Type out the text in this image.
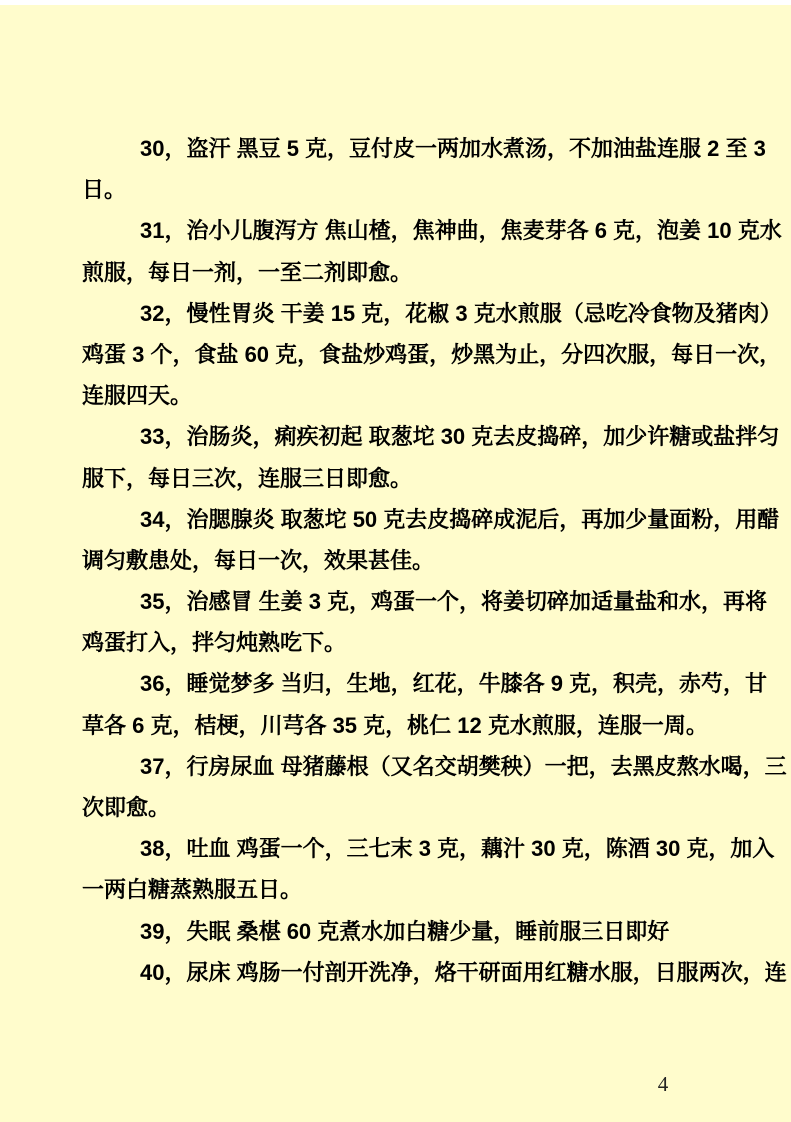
30，盗汗 黑豆 5 克，豆付皮一两加水煮汤，不加油盐连服 2 至 3
日。

31，治小儿腹泻方 焦山楂，焦神曲，焦麦芽各 6 克，泡姜 10 克水
煎服，每日一剂，一至二剂即愈。

32，慢性胃炎 干姜 15 克，花椒 3 克水煎服（忌吃冷食物及猪肉）
鸡蛋 3 个，食盐 60 克，食盐炒鸡蛋，炒黑为止，分四次服，每日一次，
连服四天。

33，治肠炎，痢疾初起 取葱坨 30 克去皮捣碎，加少许糖或盐拌匀
服下，每日三次，连服三日即愈。

34，治腮腺炎 取葱坨 50 克去皮捣碎成泥后，再加少量面粉，用醋
调匀敷患处，每日一次，效果甚佳。

35，治感冒 生姜 3 克，鸡蛋一个，将姜切碎加适量盐和水，再将
鸡蛋打入，拌匀炖熟吃下。

36，睡觉梦多 当归，生地，红花，牛膝各 9 克，积壳，赤芍，甘
草各 6 克，桔梗，川芎各 35 克，桃仁 12 克水煎服，连服一周。

37，行房尿血 母猪藤根（又名交胡樊秧）一把，去黑皮熬水喝，三
次即愈。

38，吐血 鸡蛋一个，三七末 3 克，藕汁 30 克，陈酒 30 克，加入
一两白糖蒸熟服五日。

39，失眠 桑椹 60 克煮水加白糖少量，睡前服三日即好

40，尿床 鸡肠一付剖开洗净，烙干研面用红糖水服，日服两次，连

4
